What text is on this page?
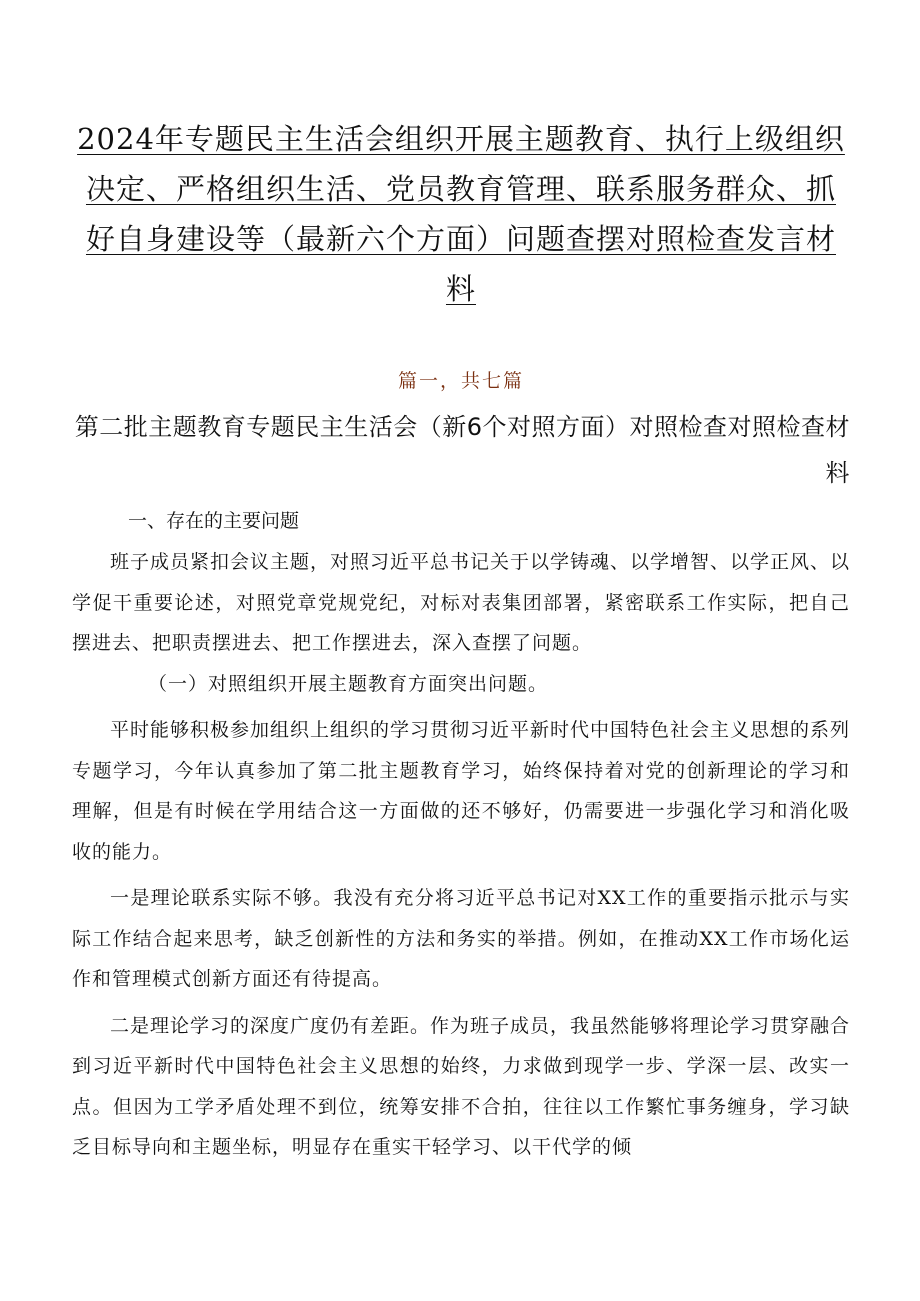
2024年专题民主生活会组织开展主题教育、执行上级组织决定、严格组织生活、党员教育管理、联系服务群众、抓好自身建设等（最新六个方面）问题查摆对照检查发言材料
篇一，共七篇
第二批主题教育专题民主生活会（新6个对照方面）对照检查对照检查材料
一、存在的主要问题

班子成员紧扣会议主题，对照习近平总书记关于以学铸魂、以学增智、以学正风、以学促干重要论述，对照党章党规党纪，对标对表集团部署，紧密联系工作实际，把自己摆进去、把职责摆进去、把工作摆进去，深入查摆了问题。

（一）对照组织开展主题教育方面突出问题。

平时能够积极参加组织上组织的学习贯彻习近平新时代中国特色社会主义思想的系列专题学习，今年认真参加了第二批主题教育学习，始终保持着对党的创新理论的学习和理解，但是有时候在学用结合这一方面做的还不够好，仍需要进一步强化学习和消化吸收的能力。

一是理论联系实际不够。我没有充分将习近平总书记对XX工作的重要指示批示与实际工作结合起来思考，缺乏创新性的方法和务实的举措。例如，在推动XX工作市场化运作和管理模式创新方面还有待提高。

二是理论学习的深度广度仍有差距。作为班子成员，我虽然能够将理论学习贯穿融合到习近平新时代中国特色社会主义思想的始终，力求做到现学一步、学深一层、改实一点。但因为工学矛盾处理不到位，统筹安排不合拍，往往以工作繁忙事务缠身，学习缺乏目标导向和主题坐标，明显存在重实干轻学习、以干代学的倾
